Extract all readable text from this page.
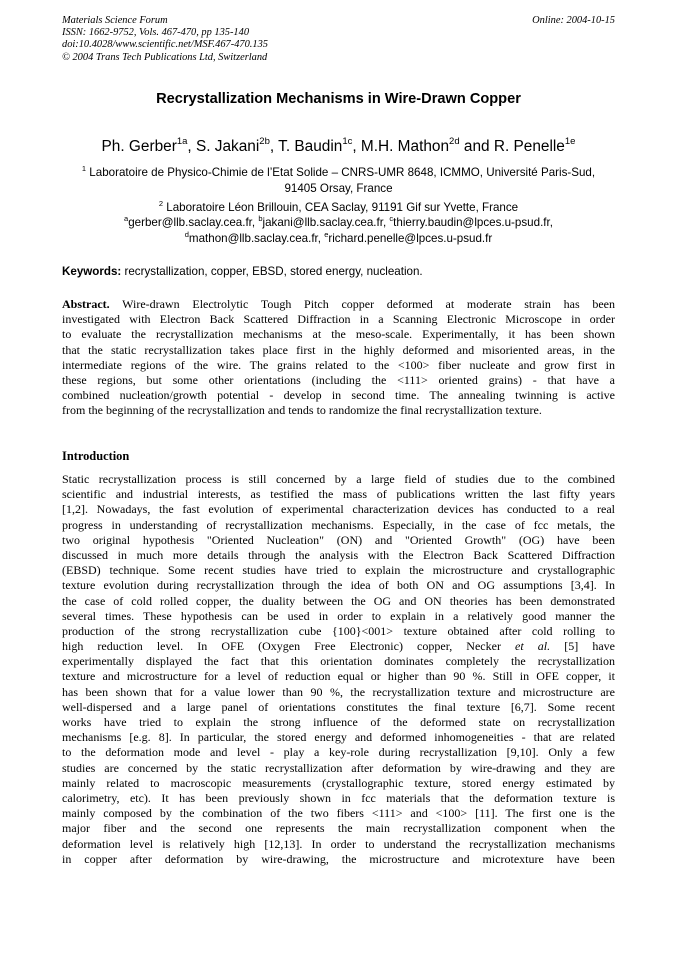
Materials Science Forum
ISSN: 1662-9752, Vols. 467-470, pp 135-140
doi:10.4028/www.scientific.net/MSF.467-470.135
© 2004 Trans Tech Publications Ltd, Switzerland
Online: 2004-10-15
Recrystallization Mechanisms in Wire-Drawn Copper
Ph. Gerber$^{1a}$, S. Jakani$^{2b}$, T. Baudin$^{1c}$, M.H. Mathon$^{2d}$ and R. Penelle$^{1e}$
$^1$ Laboratoire de Physico-Chimie de l’Etat Solide – CNRS-UMR 8648, ICMMO, Université Paris-Sud, 91405 Orsay, France
$^2$ Laboratoire Léon Brillouin, CEA Saclay, 91191 Gif sur Yvette, France
$^a$gerber@llb.saclay.cea.fr, $^b$jakani@llb.saclay.cea.fr, $^c$thierry.baudin@lpces.u-psud.fr,
$^d$mathon@llb.saclay.cea.fr, $^e$richard.penelle@lpces.u-psud.fr
Keywords: recrystallization, copper, EBSD, stored energy, nucleation.
Abstract. Wire-drawn Electrolytic Tough Pitch copper deformed at moderate strain has been
investigated with Electron Back Scattered Diffraction in a Scanning Electronic Microscope in order
to evaluate the recrystallization mechanisms at the meso-scale. Experimentally, it has been shown
that the static recrystallization takes place first in the highly deformed and misoriented areas, in the
intermediate regions of the wire. The grains related to the <100> fiber nucleate and grow first in
these regions, but some other orientations (including the <111> oriented grains) - that have a
combined nucleation/growth potential - develop in second time. The annealing twinning is active
from the beginning of the recrystallization and tends to randomize the final recrystallization texture.
Introduction
Static recrystallization process is still concerned by a large field of studies due to the combined
scientific and industrial interests, as testified the mass of publications written the last fifty years
[1,2]. Nowadays, the fast evolution of experimental characterization devices has conducted to a real
progress in understanding of recrystallization mechanisms. Especially, in the case of fcc metals, the
two original hypothesis "Oriented Nucleation" (ON) and "Oriented Growth" (OG) have been
discussed in much more details through the analysis with the Electron Back Scattered Diffraction
(EBSD) technique. Some recent studies have tried to explain the microstructure and crystallographic
texture evolution during recrystallization through the idea of both ON and OG assumptions [3,4]. In
the case of cold rolled copper, the duality between the OG and ON theories has been demonstrated
several times. These hypothesis can be used in order to explain in a relatively good manner the
production of the strong recrystallization cube {100}<001> texture obtained after cold rolling to
high reduction level. In OFE (Oxygen Free Electronic) copper, Necker et al. [5] have
experimentally displayed the fact that this orientation dominates completely the recrystallization
texture and microstructure for a level of reduction equal or higher than 90 %. Still in OFE copper, it
has been shown that for a value lower than 90 %, the recrystallization texture and microstructure are
well-dispersed and a large panel of orientations constitutes the final texture [6,7]. Some recent
works have tried to explain the strong influence of the deformed state on recrystallization
mechanisms [e.g. 8]. In particular, the stored energy and deformed inhomogeneities - that are related
to the deformation mode and level - play a key-role during recrystallization [9,10]. Only a few
studies are concerned by the static recrystallization after deformation by wire-drawing and they are
mainly related to macroscopic measurements (crystallographic texture, stored energy estimated by
calorimetry, etc). It has been previously shown in fcc materials that the deformation texture is
mainly composed by the combination of the two fibers <111> and <100> [11]. The first one is the
major fiber and the second one represents the main recrystallization component when the
deformation level is relatively high [12,13]. In order to understand the recrystallization mechanisms
in copper after deformation by wire-drawing, the microstructure and microtexture have been
